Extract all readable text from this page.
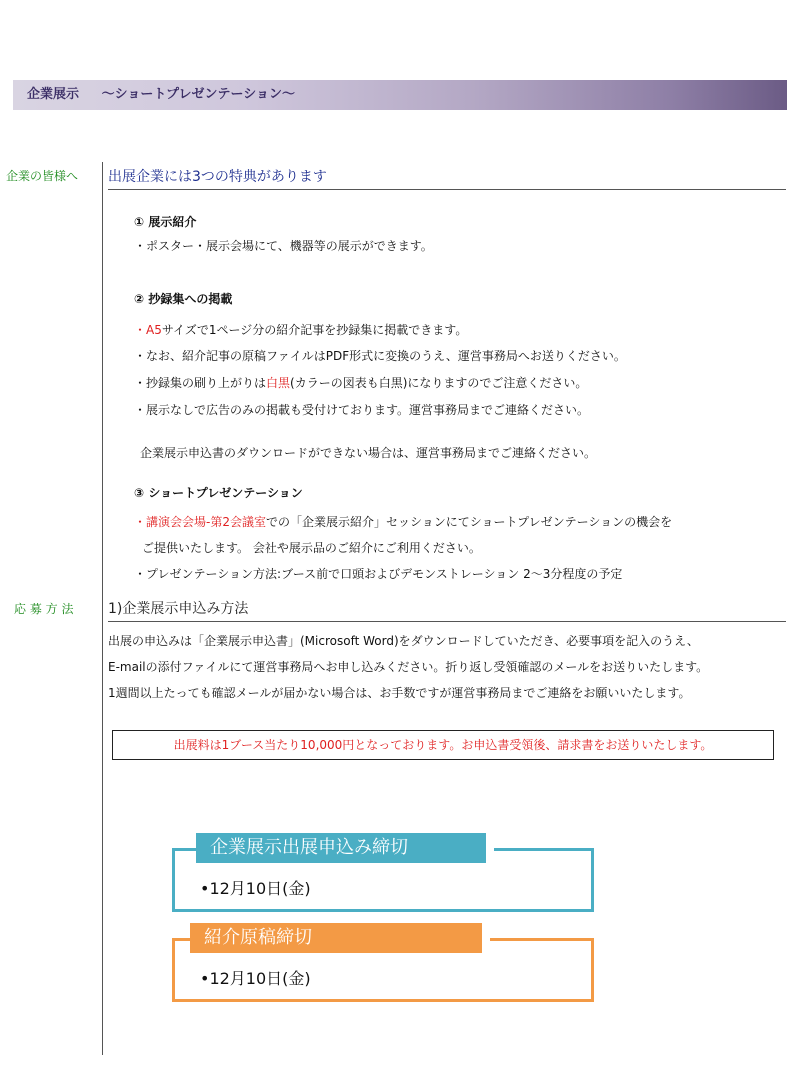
企業展示 ～ショートプレゼンテーション～
企業の皆様へ
応 募 方 法
出展企業には3つの特典があります
① 展示紹介
・ポスター・展示会場にて、機器等の展示ができます。
② 抄録集への掲載
・A5サイズで1ページ分の紹介記事を抄録集に掲載できます。
・なお、紹介記事の原稿ファイルはPDF形式に変換のうえ、運営事務局へお送りください。
・抄録集の刷り上がりは白黒(カラーの図表も白黒)になりますのでご注意ください。
・展示なしで広告のみの掲載も受付けております。運営事務局までご連絡ください。
企業展示申込書のダウンロードができない場合は、運営事務局までご連絡ください。
③ ショートプレゼンテーション
・講演会会場-第2会議室での「企業展示紹介」セッションにてショートプレゼンテーションの機会を
ご提供いたします。 会社や展示品のご紹介にご利用ください。
・プレゼンテーション方法:ブース前で口頭およびデモンストレーション 2～3分程度の予定
1)企業展示申込み方法
出展の申込みは「企業展示申込書」(Microsoft Word)をダウンロードしていただき、必要事項を記入のうえ、
E-mailの添付ファイルにて運営事務局へお申し込みください。折り返し受領確認のメールをお送りいたします。
1週間以上たっても確認メールが届かない場合は、お手数ですが運営事務局までご連絡をお願いいたします。
出展料は1ブース当たり10,000円となっております。お申込書受領後、請求書をお送りいたします。
企業展示出展申込み締切
•12月10日(金)
紹介原稿締切
•12月10日(金)
